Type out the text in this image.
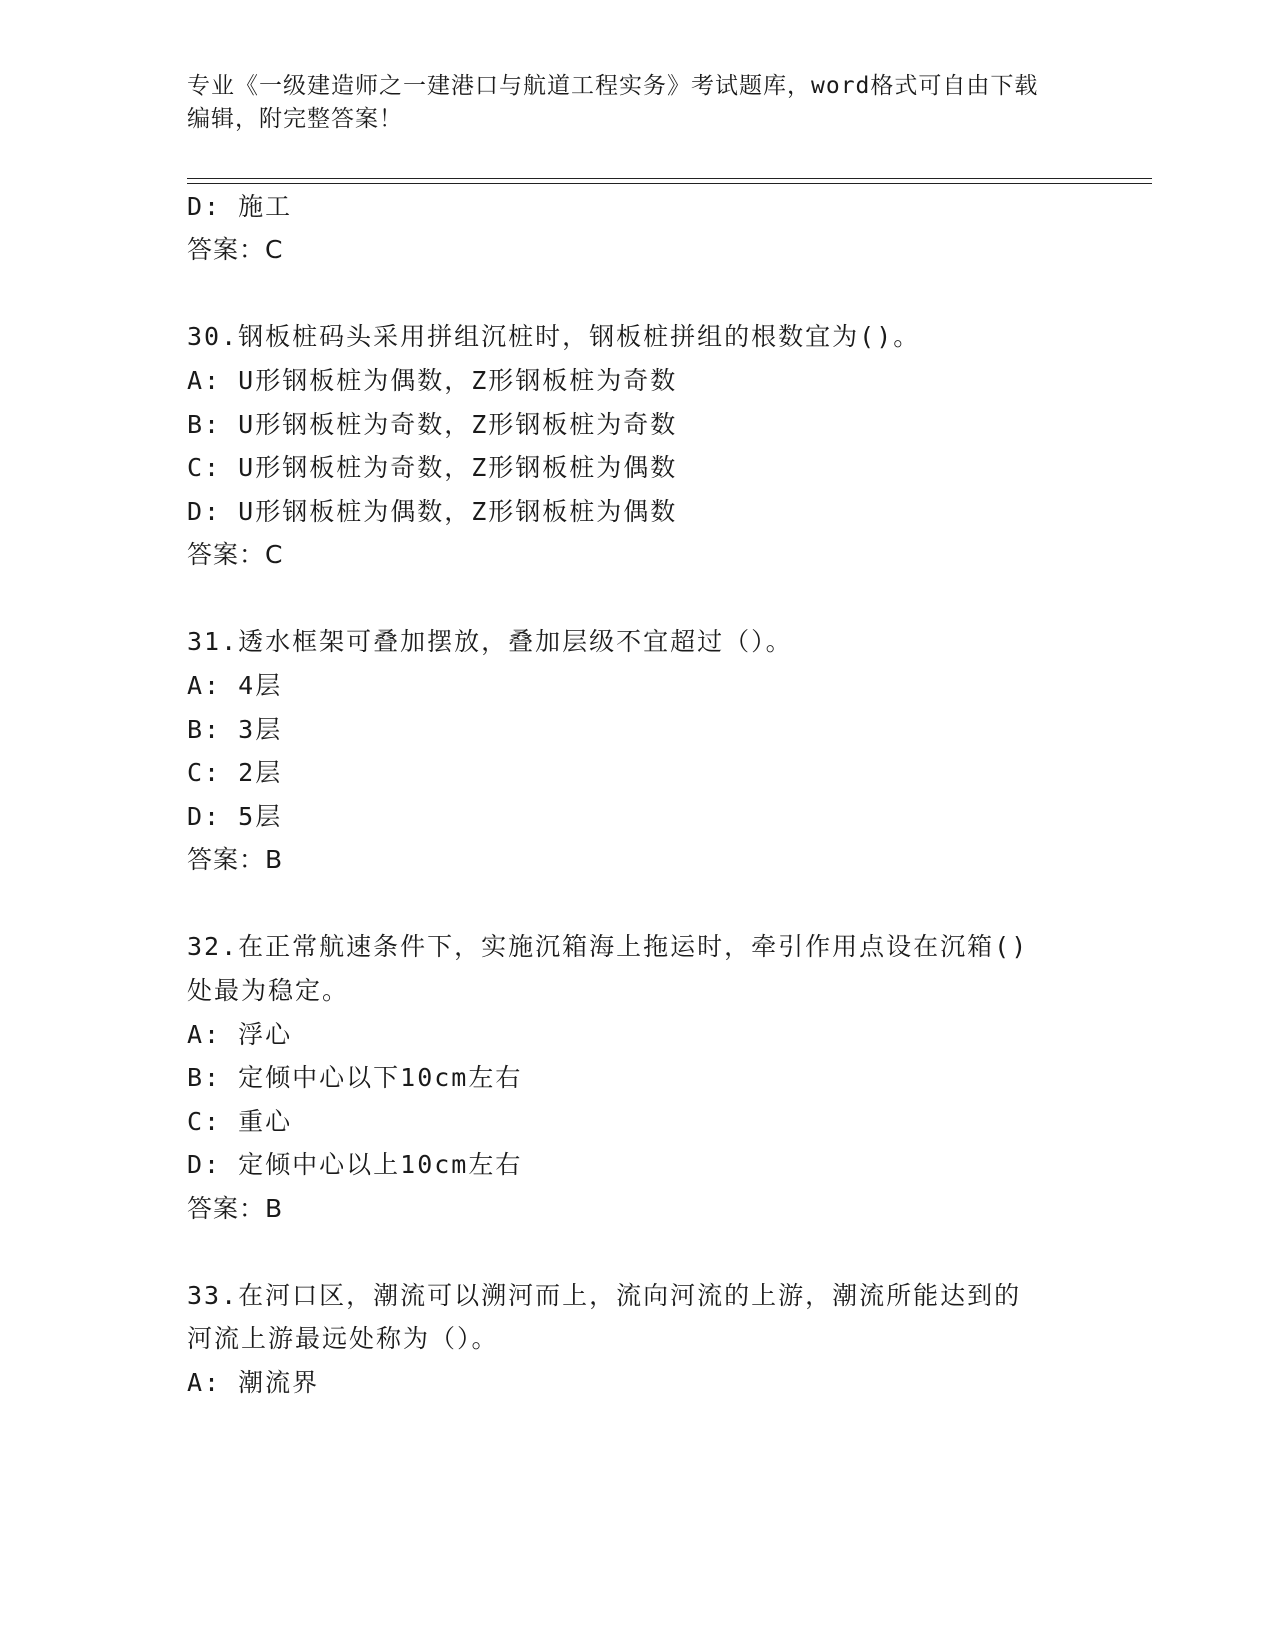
专业《一级建造师之一建港口与航道工程实务》考试题库，word格式可自由下载
编辑，附完整答案！
D: 施工
答案：C
30.钢板桩码头采用拼组沉桩时，钢板桩拼组的根数宜为()。
A: U形钢板桩为偶数，Z形钢板桩为奇数
B: U形钢板桩为奇数，Z形钢板桩为奇数
C: U形钢板桩为奇数，Z形钢板桩为偶数
D: U形钢板桩为偶数，Z形钢板桩为偶数
答案：C
31.透水框架可叠加摆放，叠加层级不宜超过（）。
A: 4层
B: 3层
C: 2层
D: 5层
答案：B
32.在正常航速条件下，实施沉箱海上拖运时，牵引作用点设在沉箱()
处最为稳定。
A: 浮心
B: 定倾中心以下10cm左右
C: 重心
D: 定倾中心以上10cm左右
答案：B
33.在河口区，潮流可以溯河而上，流向河流的上游，潮流所能达到的
河流上游最远处称为（）。
A: 潮流界
